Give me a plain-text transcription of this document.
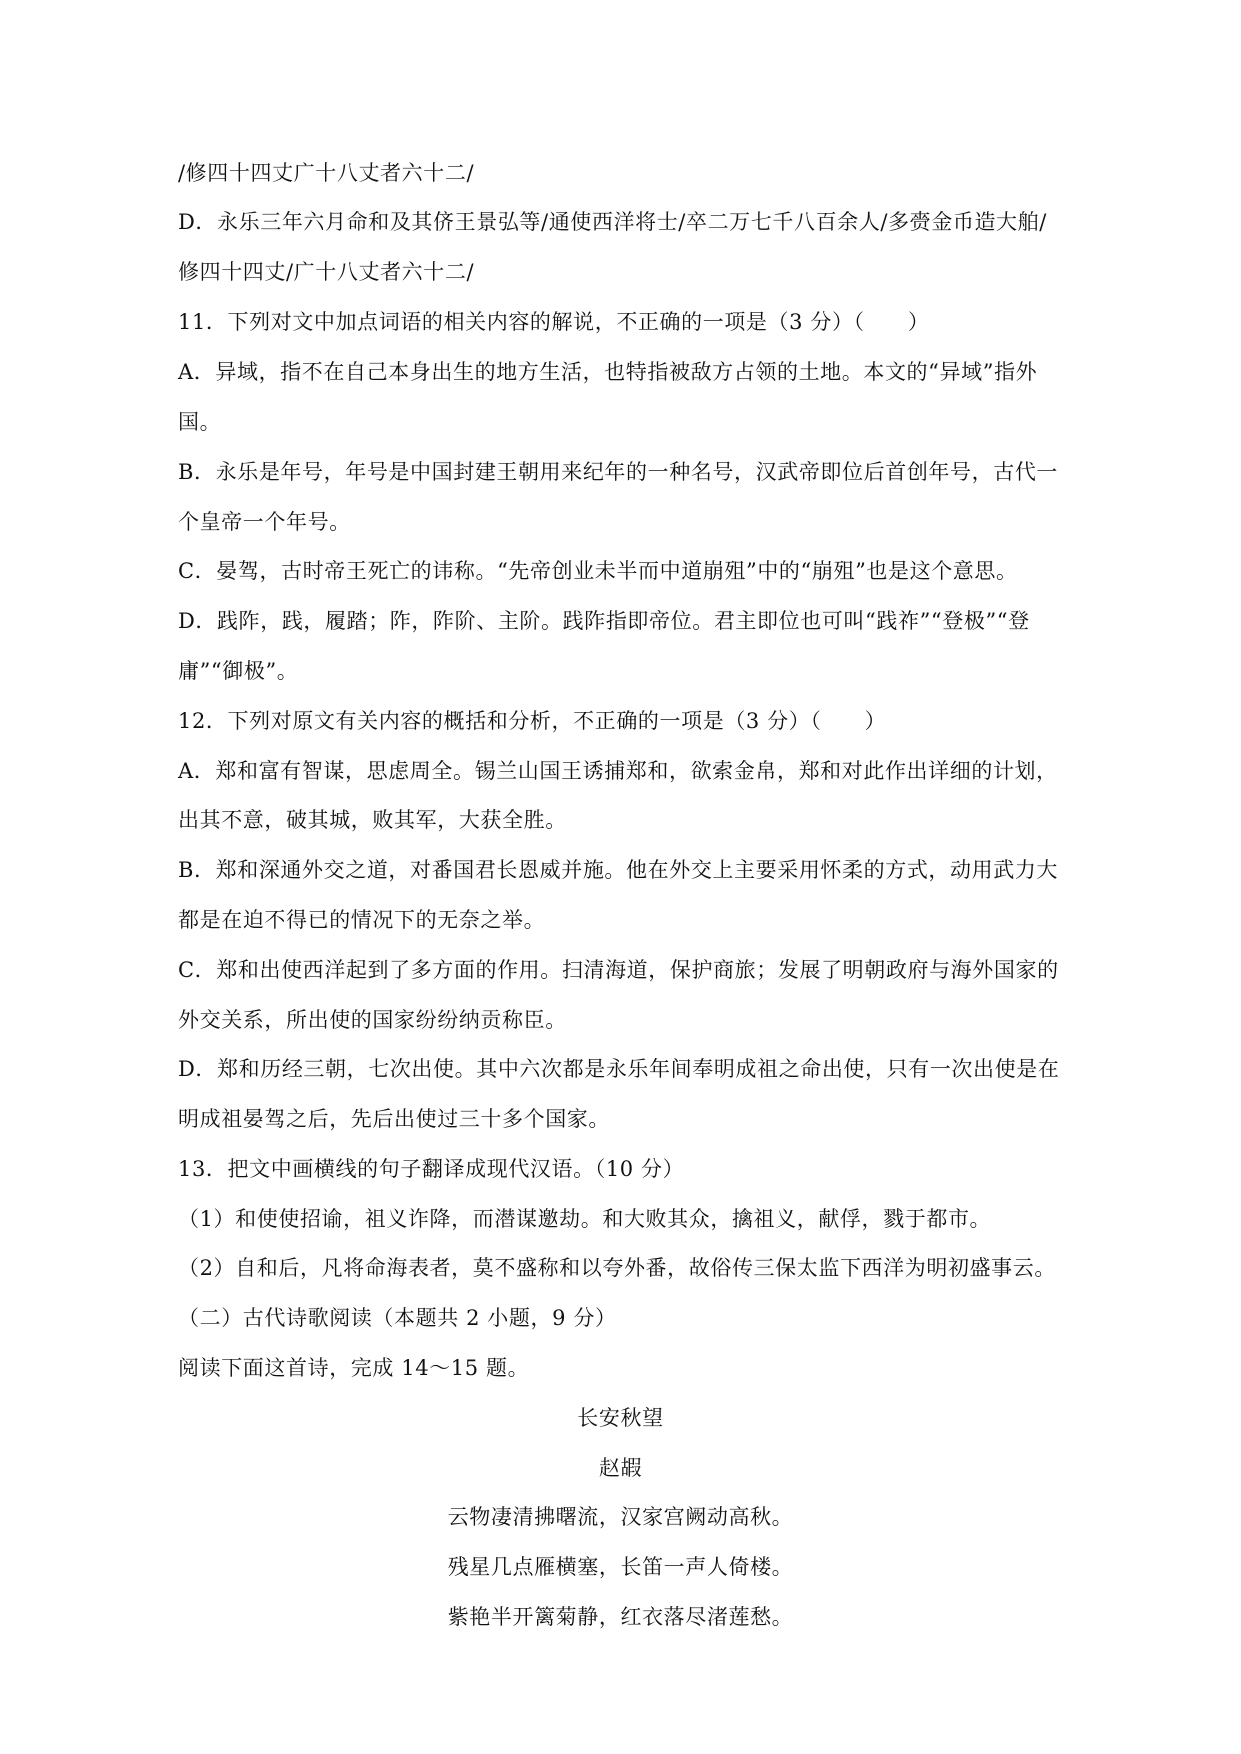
/修四十四丈广十八丈者六十二/
D．永乐三年六月命和及其侪王景弘等/通使西洋将士/卒二万七千八百余人/多赍金币造大舶/
修四十四丈/广十八丈者六十二/
11．下列对文中加点词语的相关内容的解说，不正确的一项是（3 分）（　　）
A．异域，指不在自己本身出生的地方生活，也特指被敌方占领的土地。本文的“异域”指外
国。
B．永乐是年号，年号是中国封建王朝用来纪年的一种名号，汉武帝即位后首创年号，古代一
个皇帝一个年号。
C．晏驾，古时帝王死亡的讳称。“先帝创业未半而中道崩殂”中的“崩殂”也是这个意思。
D．践阼，践，履踏；阼，阼阶、主阶。践阼指即帝位。君主即位也可叫“践祚”“登极”“登
庸”“御极”。
12．下列对原文有关内容的概括和分析，不正确的一项是（3 分）（　　）
A．郑和富有智谋，思虑周全。锡兰山国王诱捕郑和，欲索金帛，郑和对此作出详细的计划，
出其不意，破其城，败其军，大获全胜。
B．郑和深通外交之道，对番国君长恩威并施。他在外交上主要采用怀柔的方式，动用武力大
都是在迫不得已的情况下的无奈之举。
C．郑和出使西洋起到了多方面的作用。扫清海道，保护商旅；发展了明朝政府与海外国家的
外交关系，所出使的国家纷纷纳贡称臣。
D．郑和历经三朝，七次出使。其中六次都是永乐年间奉明成祖之命出使，只有一次出使是在
明成祖晏驾之后，先后出使过三十多个国家。
13．把文中画横线的句子翻译成现代汉语。（10 分）
（1）和使使招谕，祖义诈降，而潜谋邀劫。和大败其众，擒祖义，献俘，戮于都市。
（2）自和后，凡将命海表者，莫不盛称和以夸外番，故俗传三保太监下西洋为明初盛事云。
（二）古代诗歌阅读（本题共 2 小题，9 分）
阅读下面这首诗，完成 14～15 题。
长安秋望
赵嘏
云物凄清拂曙流，汉家宫阙动高秋。
残星几点雁横塞，长笛一声人倚楼。
紫艳半开篱菊静，红衣落尽渚莲愁。
